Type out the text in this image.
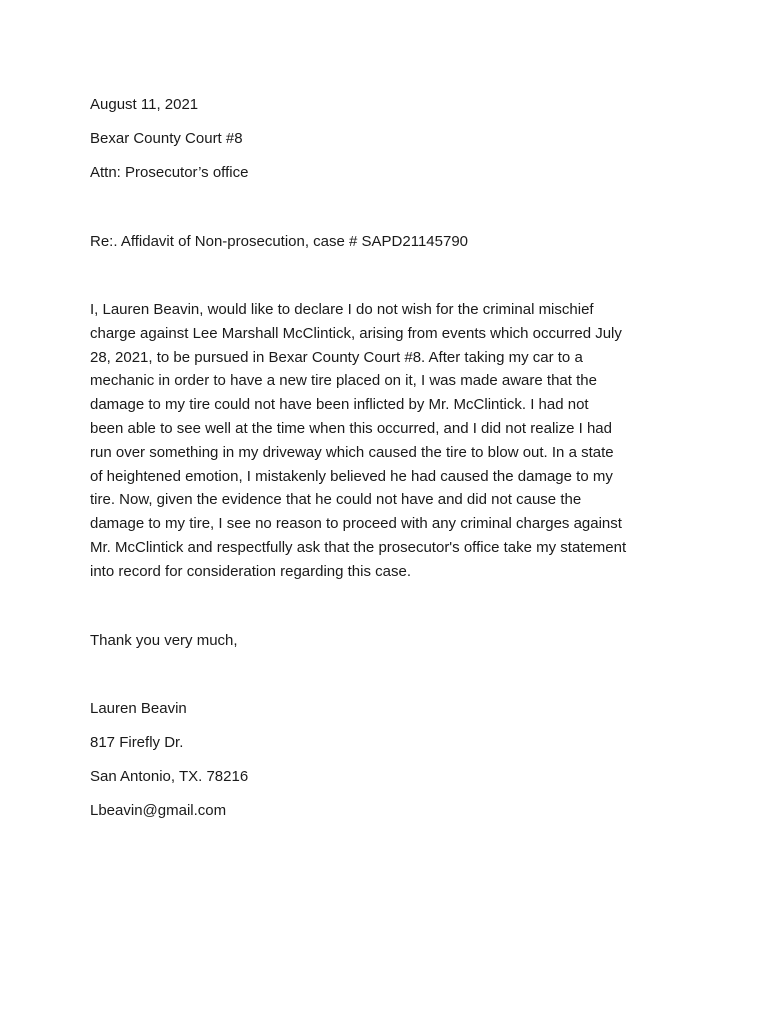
August 11, 2021
Bexar County Court #8
Attn: Prosecutor’s office
Re:. Affidavit of Non-prosecution, case # SAPD21145790

I, Lauren Beavin, would like to declare I do not wish for the criminal mischief

charge against Lee Marshall McClintick, arising from events which occurred July

28, 2021, to be pursued in Bexar County Court #8. After taking my car to a

mechanic in order to have a new tire placed on it, I was made aware that the

damage to my tire could not have been inflicted by Mr. McClintick. I had not

been able to see well at the time when this occurred, and I did not realize I had

run over something in my driveway which caused the tire to blow out. In a state

of heightened emotion, I mistakenly believed he had caused the damage to my

tire. Now, given the evidence that he could not have and did not cause the

damage to my tire, I see no reason to proceed with any criminal charges against

Mr. McClintick and respectfully ask that the prosecutor's office take my statement

into record for consideration regarding this case.

Thank you very much,
Lauren Beavin
817 Firefly Dr.
San Antonio, TX. 78216
Lbeavin@gmail.com
